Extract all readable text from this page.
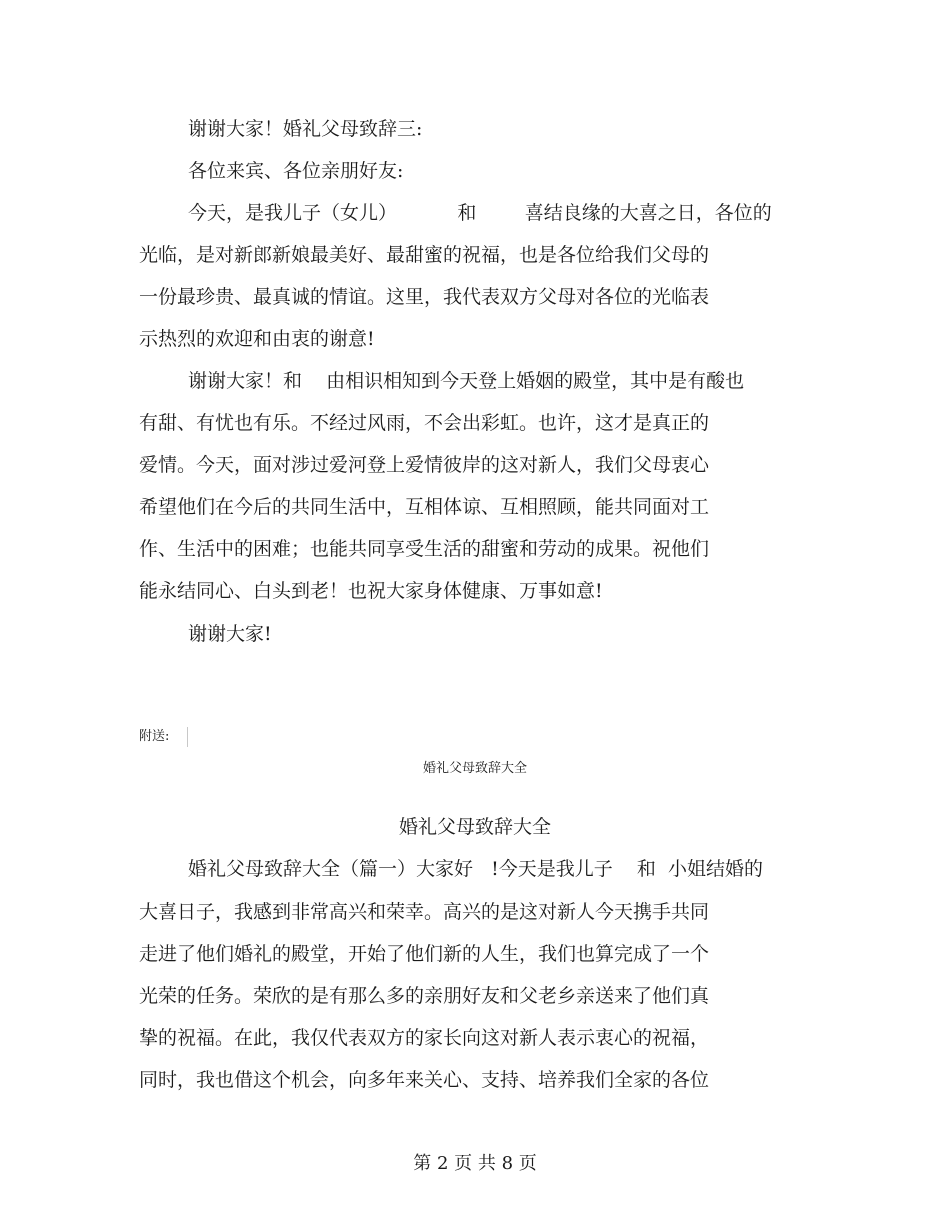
谢谢大家！婚礼父母致辞三:
各位来宾、各位亲朋好友:
今天，是我儿子（女儿）          和        喜结良缘的大喜之日，各位的
光临，是对新郎新娘最美好、最甜蜜的祝福，也是各位给我们父母的
一份最珍贵、最真诚的情谊。这里，我代表双方父母对各位的光临表
示热烈的欢迎和由衷的谢意!
谢谢大家！和    由相识相知到今天登上婚姻的殿堂，其中是有酸也
有甜、有忧也有乐。不经过风雨，不会出彩虹。也许，这才是真正的
爱情。今天，面对涉过爱河登上爱情彼岸的这对新人，我们父母衷心
希望他们在今后的共同生活中，互相体谅、互相照顾，能共同面对工
作、生活中的困难；也能共同享受生活的甜蜜和劳动的成果。祝他们
能永结同心、白头到老！也祝大家身体健康、万事如意!
谢谢大家!
附送:
婚礼父母致辞大全
婚礼父母致辞大全
婚礼父母致辞大全（篇一）大家好   !今天是我儿子    和  小姐结婚的
大喜日子，我感到非常高兴和荣幸。高兴的是这对新人今天携手共同
走进了他们婚礼的殿堂，开始了他们新的人生，我们也算完成了一个
光荣的任务。荣欣的是有那么多的亲朋好友和父老乡亲送来了他们真
挚的祝福。在此，我仅代表双方的家长向这对新人表示衷心的祝福，
同时，我也借这个机会，向多年来关心、支持、培养我们全家的各位
第 2 页 共 8 页
